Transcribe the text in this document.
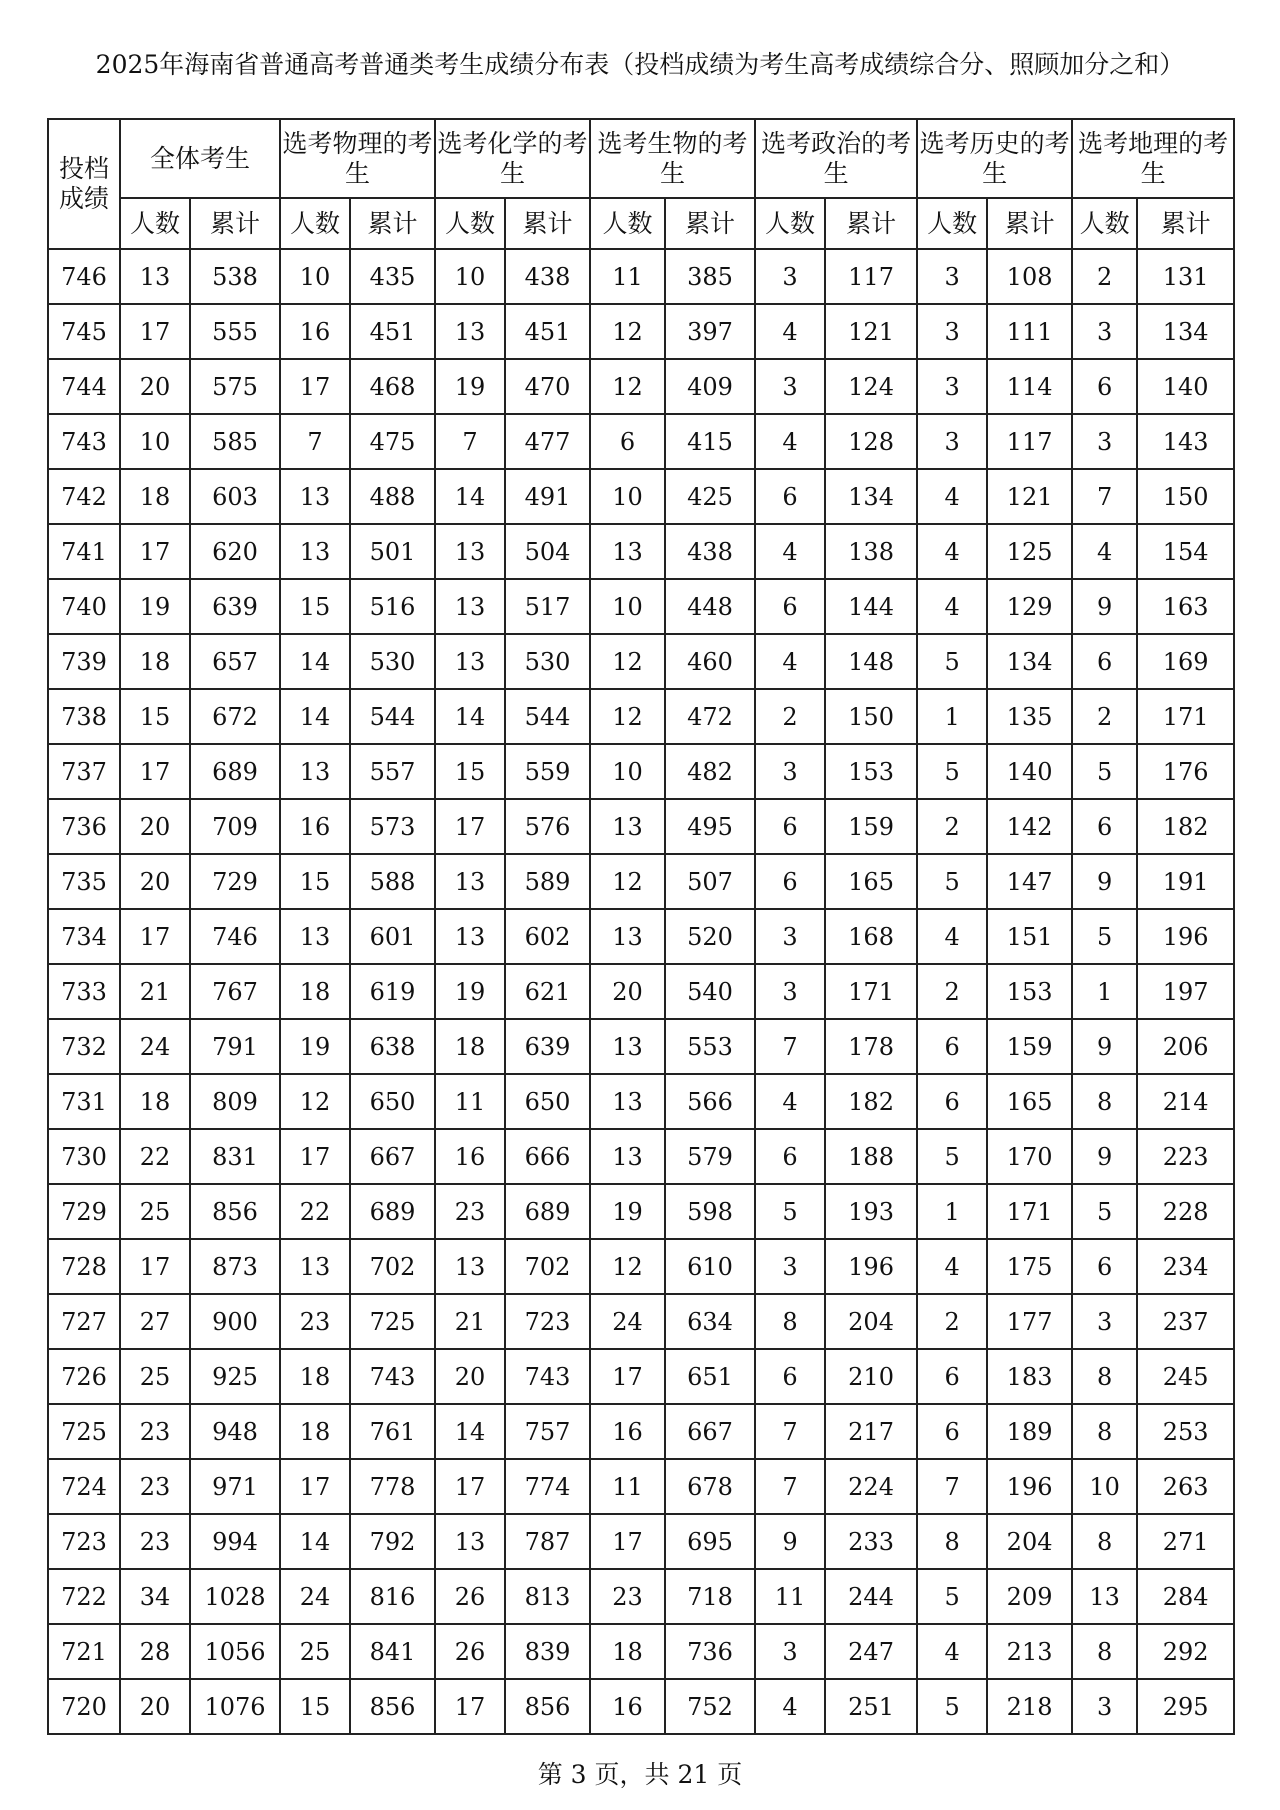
2025年海南省普通高考普通类考生成绩分布表（投档成绩为考生高考成绩综合分、照顾加分之和）
投档成绩	全体考生		选考物理的考生		选考化学的考生		选考生物的考生		选考政治的考生		选考历史的考生		选考地理的考生	
	人数	累计	人数	累计	人数	累计	人数	累计	人数	累计	人数	累计	人数	累计
746	13	538	10	435	10	438	11	385	3	117	3	108	2	131
745	17	555	16	451	13	451	12	397	4	121	3	111	3	134
744	20	575	17	468	19	470	12	409	3	124	3	114	6	140
743	10	585	7	475	7	477	6	415	4	128	3	117	3	143
742	18	603	13	488	14	491	10	425	6	134	4	121	7	150
741	17	620	13	501	13	504	13	438	4	138	4	125	4	154
740	19	639	15	516	13	517	10	448	6	144	4	129	9	163
739	18	657	14	530	13	530	12	460	4	148	5	134	6	169
738	15	672	14	544	14	544	12	472	2	150	1	135	2	171
737	17	689	13	557	15	559	10	482	3	153	5	140	5	176
736	20	709	16	573	17	576	13	495	6	159	2	142	6	182
735	20	729	15	588	13	589	12	507	6	165	5	147	9	191
734	17	746	13	601	13	602	13	520	3	168	4	151	5	196
733	21	767	18	619	19	621	20	540	3	171	2	153	1	197
732	24	791	19	638	18	639	13	553	7	178	6	159	9	206
731	18	809	12	650	11	650	13	566	4	182	6	165	8	214
730	22	831	17	667	16	666	13	579	6	188	5	170	9	223
729	25	856	22	689	23	689	19	598	5	193	1	171	5	228
728	17	873	13	702	13	702	12	610	3	196	4	175	6	234
727	27	900	23	725	21	723	24	634	8	204	2	177	3	237
726	25	925	18	743	20	743	17	651	6	210	6	183	8	245
725	23	948	18	761	14	757	16	667	7	217	6	189	8	253
724	23	971	17	778	17	774	11	678	7	224	7	196	10	263
723	23	994	14	792	13	787	17	695	9	233	8	204	8	271
722	34	1028	24	816	26	813	23	718	11	244	5	209	13	284
721	28	1056	25	841	26	839	18	736	3	247	4	213	8	292
720	20	1076	15	856	17	856	16	752	4	251	5	218	3	295
第 3 页，共 21 页
